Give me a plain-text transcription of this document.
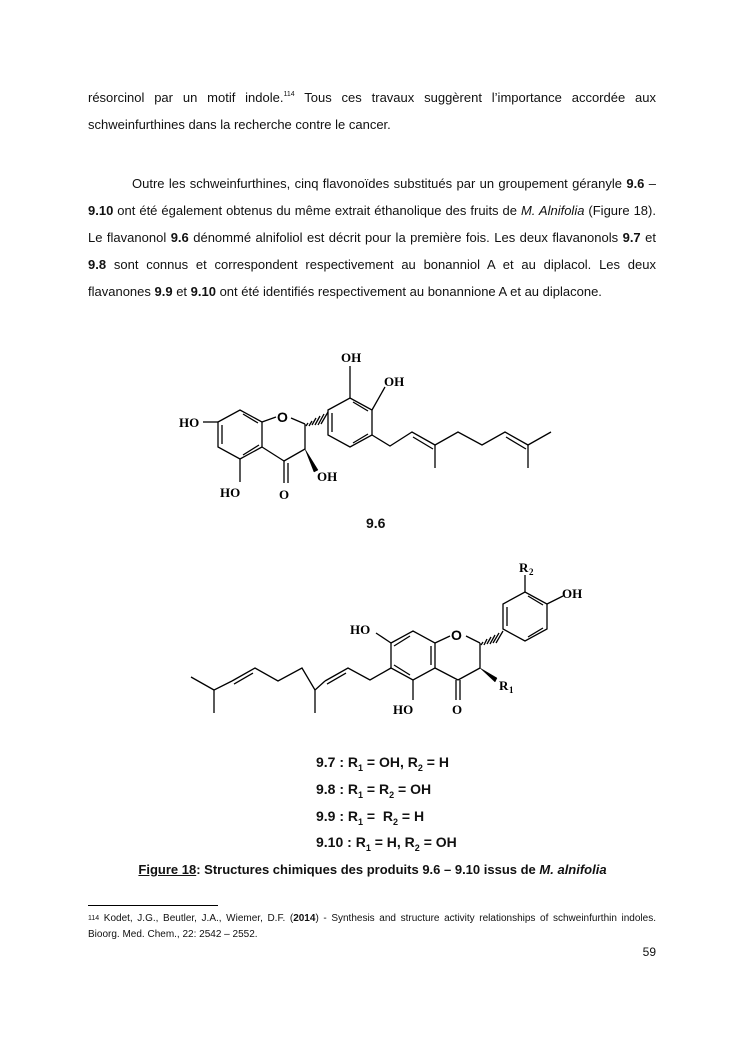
résorcinol par un motif indole.$^{114}$ Tous ces travaux suggèrent l’importance accordée aux schweinfurthines dans la recherche contre le cancer.

Outre les schweinfurthines, cinq flavonoïdes substitués par un groupement géranyle 9.6 – 9.10 ont été également obtenus du même extrait éthanolique des fruits de M. Alnifolia (Figure 18). Le flavanonol 9.6 dénommé alnifoliol est décrit pour la première fois. Les deux flavanonols 9.7 et 9.8 sont connus et correspondent respectivement au bonanniol A et au diplacol. Les deux flavanones 9.9 et 9.10 ont été identifiés respectivement au bonannione A et au diplacone.

OH
OH
HO	O
HO	O
OH
R 2
OH
HO	O
HO	O
R 1
9.6
9.7 : $R_1$ = OH, $R_2 = H$
9.8 : $R_1 = R_2$ = OH
9.9 : $R_1 = R_2 = H$
9.10 : $R_1 = H$, $R_2$ = OH
Figure 18: Structures chimiques des produits 9.6 – 9.10 issus de M. alnifolia
$^{114}$ Kodet, J.G., Beutler, J.A., Wiemer, D.F. (2014) - Synthesis and structure activity relationships of schweinfurthin indoles. Bioorg. Med. Chem., 22: 2542 – 2552.
59
